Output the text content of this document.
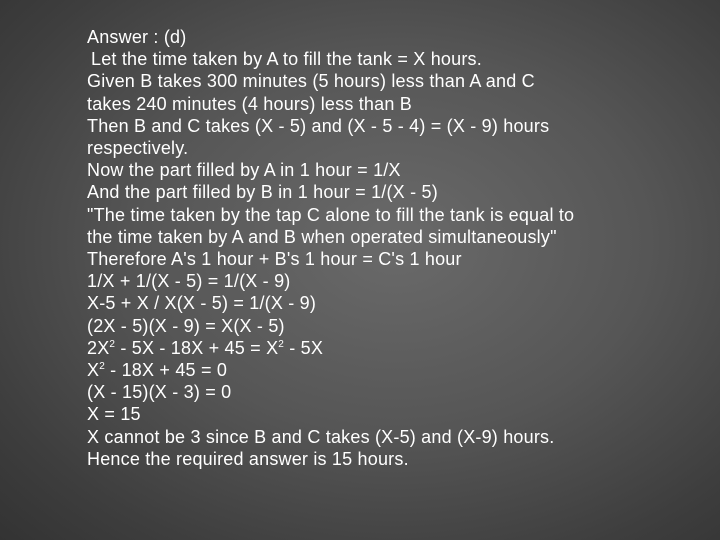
Answer : (d)
Let the time taken by A to fill the tank = X hours.
Given B takes 300 minutes (5 hours) less than A and C
takes 240 minutes (4 hours) less than B
Then B and C takes (X - 5) and (X - 5 - 4) = (X - 9) hours
respectively.
Now the part filled by A in 1 hour = 1/X
And the part filled by B in 1 hour = 1/(X - 5)
"The time taken by the tap C alone to fill the tank is equal to
the time taken by A and B when operated simultaneously"
Therefore A's 1 hour + B's 1 hour = C's 1 hour
1/X + 1/(X - 5) = 1/(X - 9)
X-5 + X / X(X - 5) = 1/(X - 9)
(2X - 5)(X - 9) = X(X - 5)
$2X^2 - 5X - 18X + 45 = X^2 - 5X$
$X^2 - 18X + 45 = 0$
(X - 15)(X - 3) = 0
X = 15
X cannot be 3 since B and C takes (X-5) and (X-9) hours.
Hence the required answer is 15 hours.
